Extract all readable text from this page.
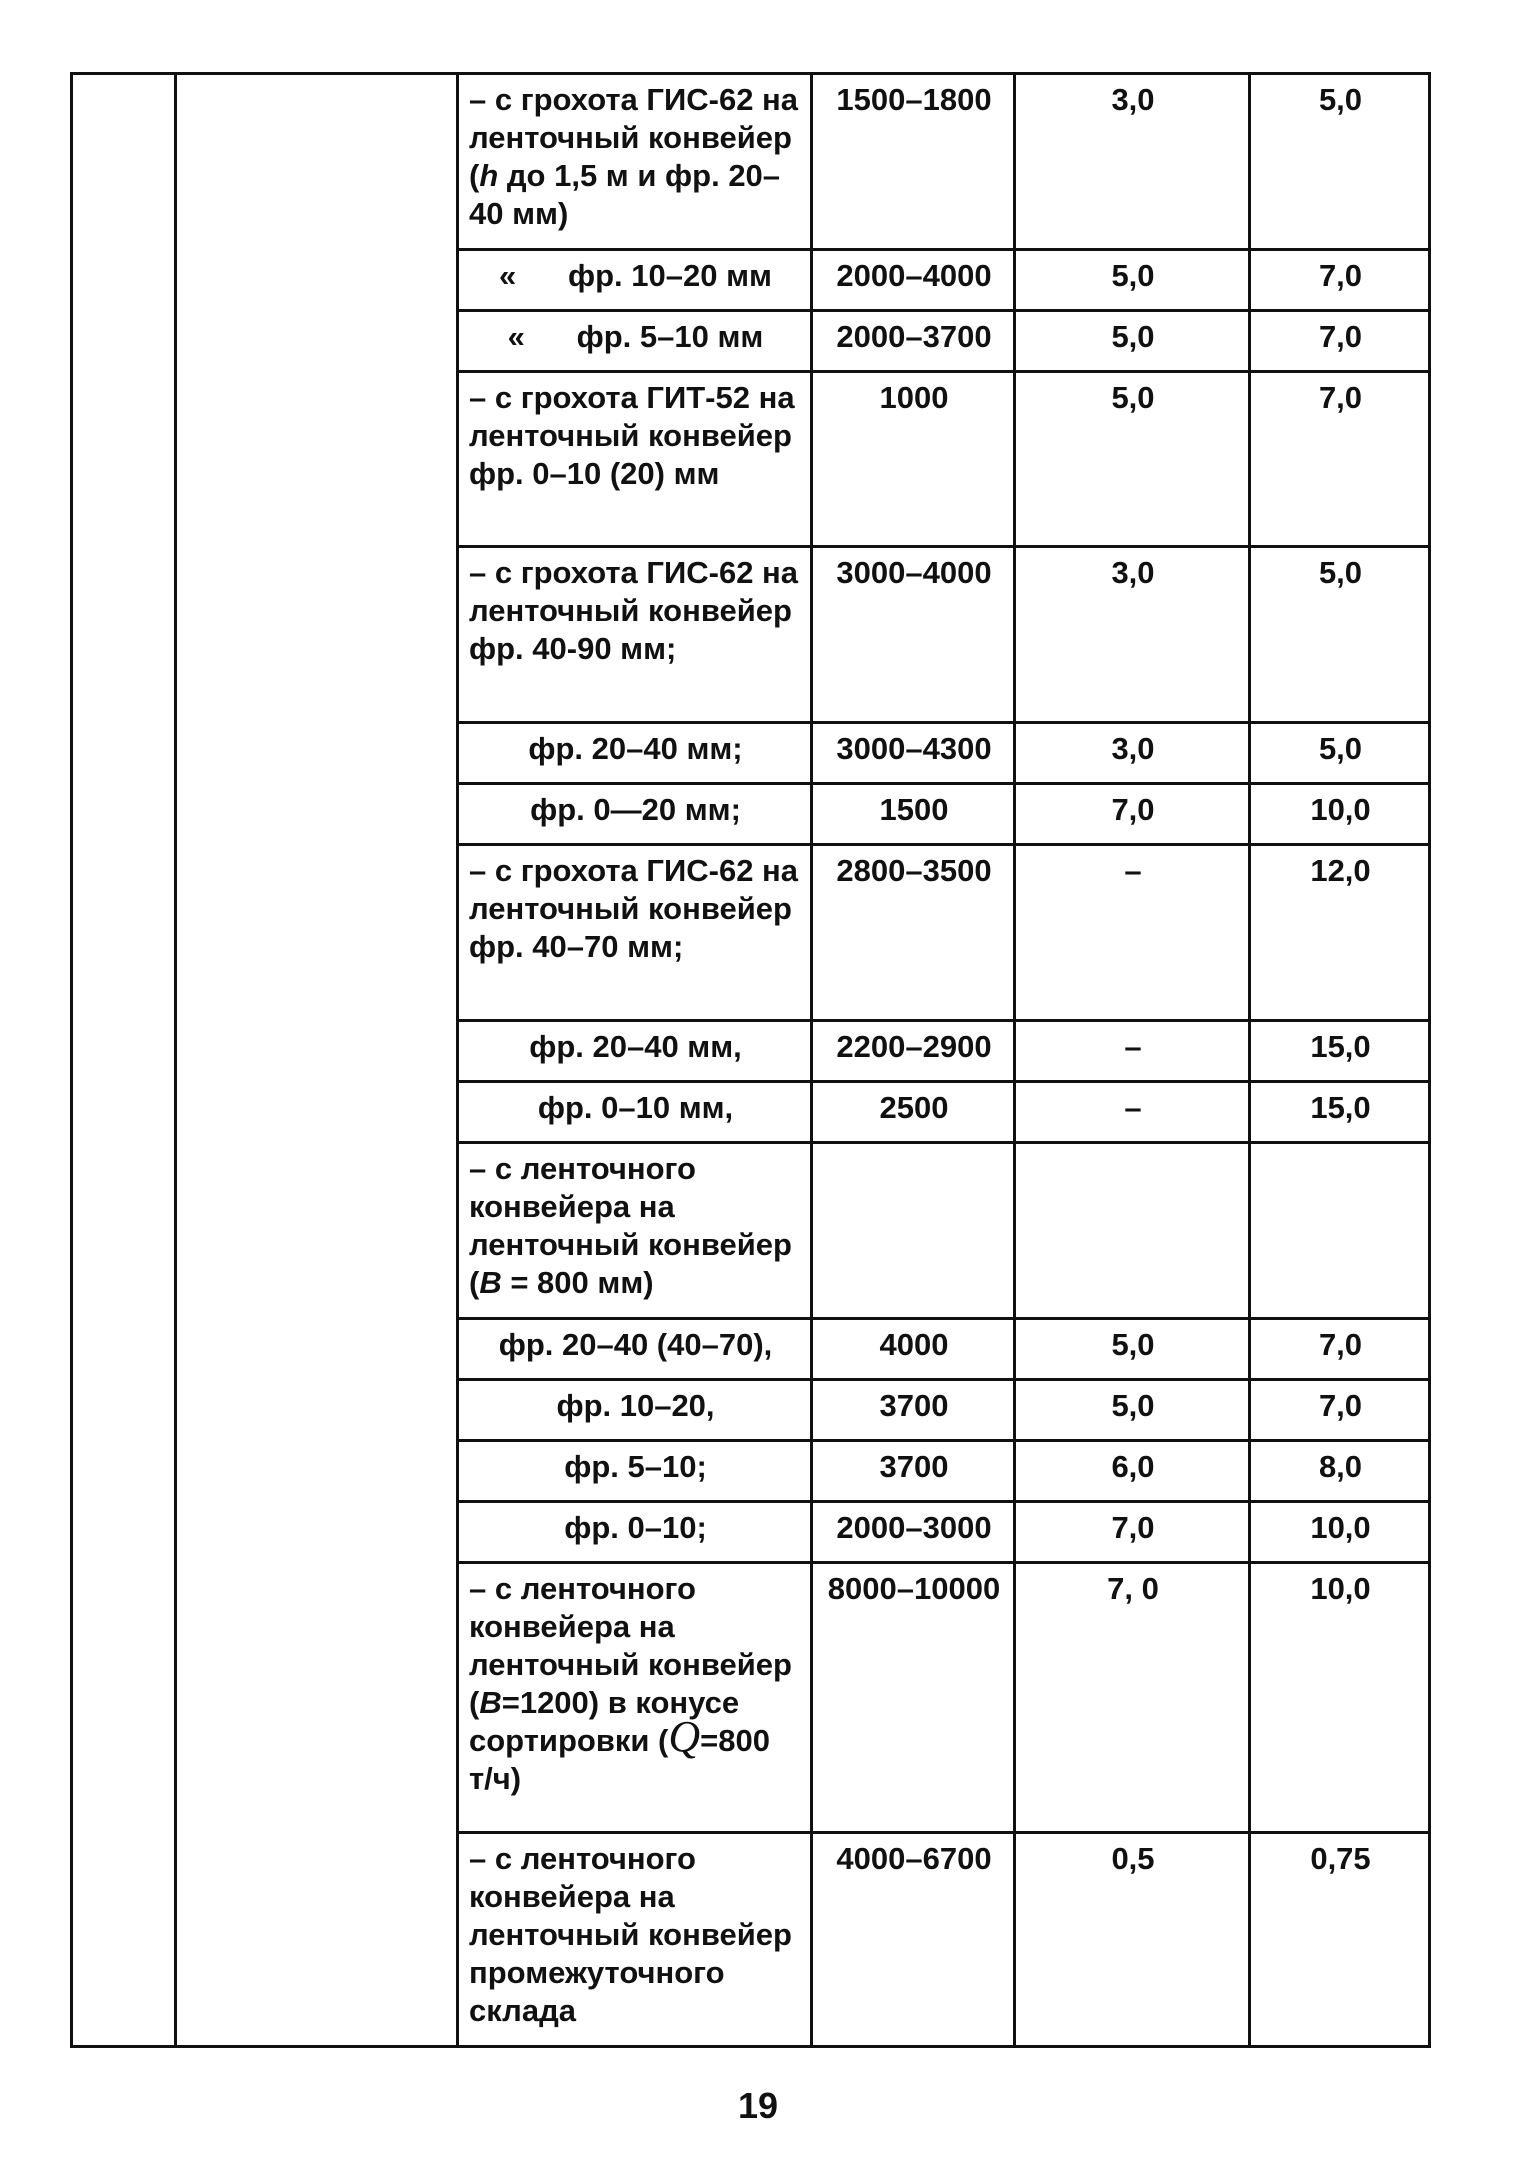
		– с грохота ГИС-62 на ленточный конвейер (h до 1,5 м и фр. 20–40 мм)	1500–1800	3,0	5,0
		«      фр. 10–20 мм	2000–4000	5,0	7,0
		«      фр. 5–10 мм	2000–3700	5,0	7,0
		– с грохота ГИТ-52 на ленточный конвейер фр. 0–10 (20) мм	1000	5,0	7,0
		– с грохота ГИС-62 на ленточный конвейер фр. 40-90 мм;	3000–4000	3,0	5,0
		фр. 20–40 мм;	3000–4300	3,0	5,0
		фр. 0—20 мм;	1500	7,0	10,0
		– с грохота ГИС-62 на ленточный конвейер фр. 40–70 мм;	2800–3500	–	12,0
		фр. 20–40 мм,	2200–2900	–	15,0
		фр. 0–10 мм,	2500	–	15,0
		– с ленточного конвейера на ленточный конвейер (B = 800 мм)			
		фр. 20–40 (40–70),	4000	5,0	7,0
		фр. 10–20,	3700	5,0	7,0
		фр. 5–10;	3700	6,0	8,0
		фр. 0–10;	2000–3000	7,0	10,0
		– с ленточного конвейера на ленточный конвейер (B=1200) в конусе сортировки (Q=800 т/ч)	8000–10000	7, 0	10,0
		– с ленточного конвейера на ленточный конвейер промежуточного склада	4000–6700	0,5	0,75
19
